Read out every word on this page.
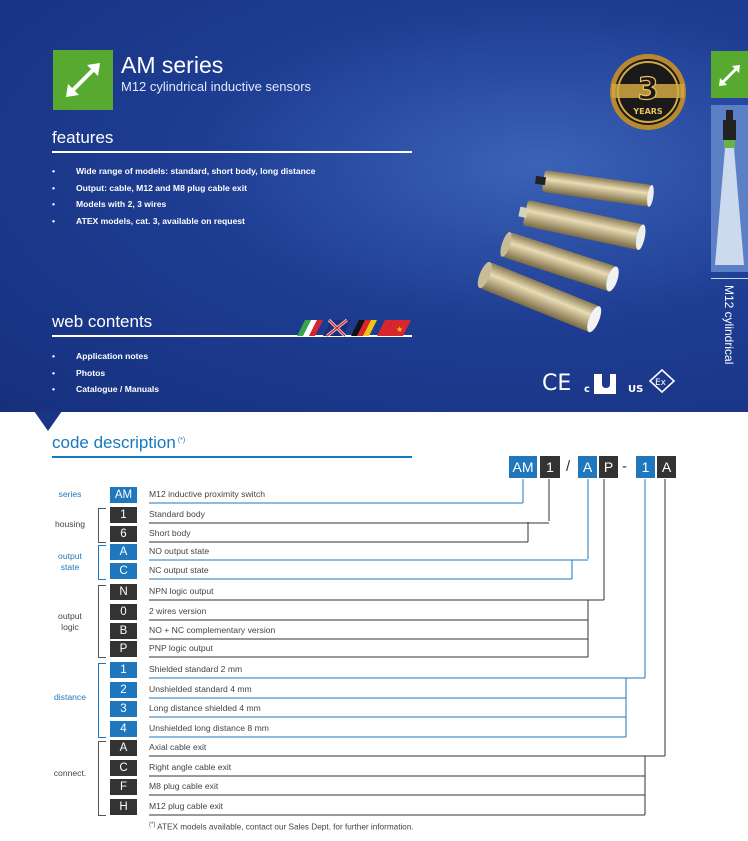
AM series
M12 cylindrical inductive sensors
features
• Wide range of models: standard, short body, long distance
• Output: cable, M12 and M8 plug cable exit
• Models with 2, 3 wires
• ATEX models, cat. 3, available on request
web contents
• Application notes
• Photos
• Catalogue / Manuals
★
3
YEARS
CE c	US
Ex
M12 cylindrical
code description (*)
AM 1 / A P -	1 A
AM	M12 inductive proximity switch
series
1	Standard body
6	Short body
housing
A	NO output state
C	NC output state
output state
N	NPN logic output
0	2 wires version
B	NO + NC complementary version
P	PNP logic output
output logic
1	Shielded standard 2 mm
2	Unshielded standard 4 mm
3	Long distance shielded 4 mm
4	Unshielded long distance 8 mm
distance
A	Axial cable exit
C	Right angle cable exit
F	M8 plug cable exit
H	M12 plug cable exit
connect.
(*) ATEX models available, contact our Sales Dept. for further information.
